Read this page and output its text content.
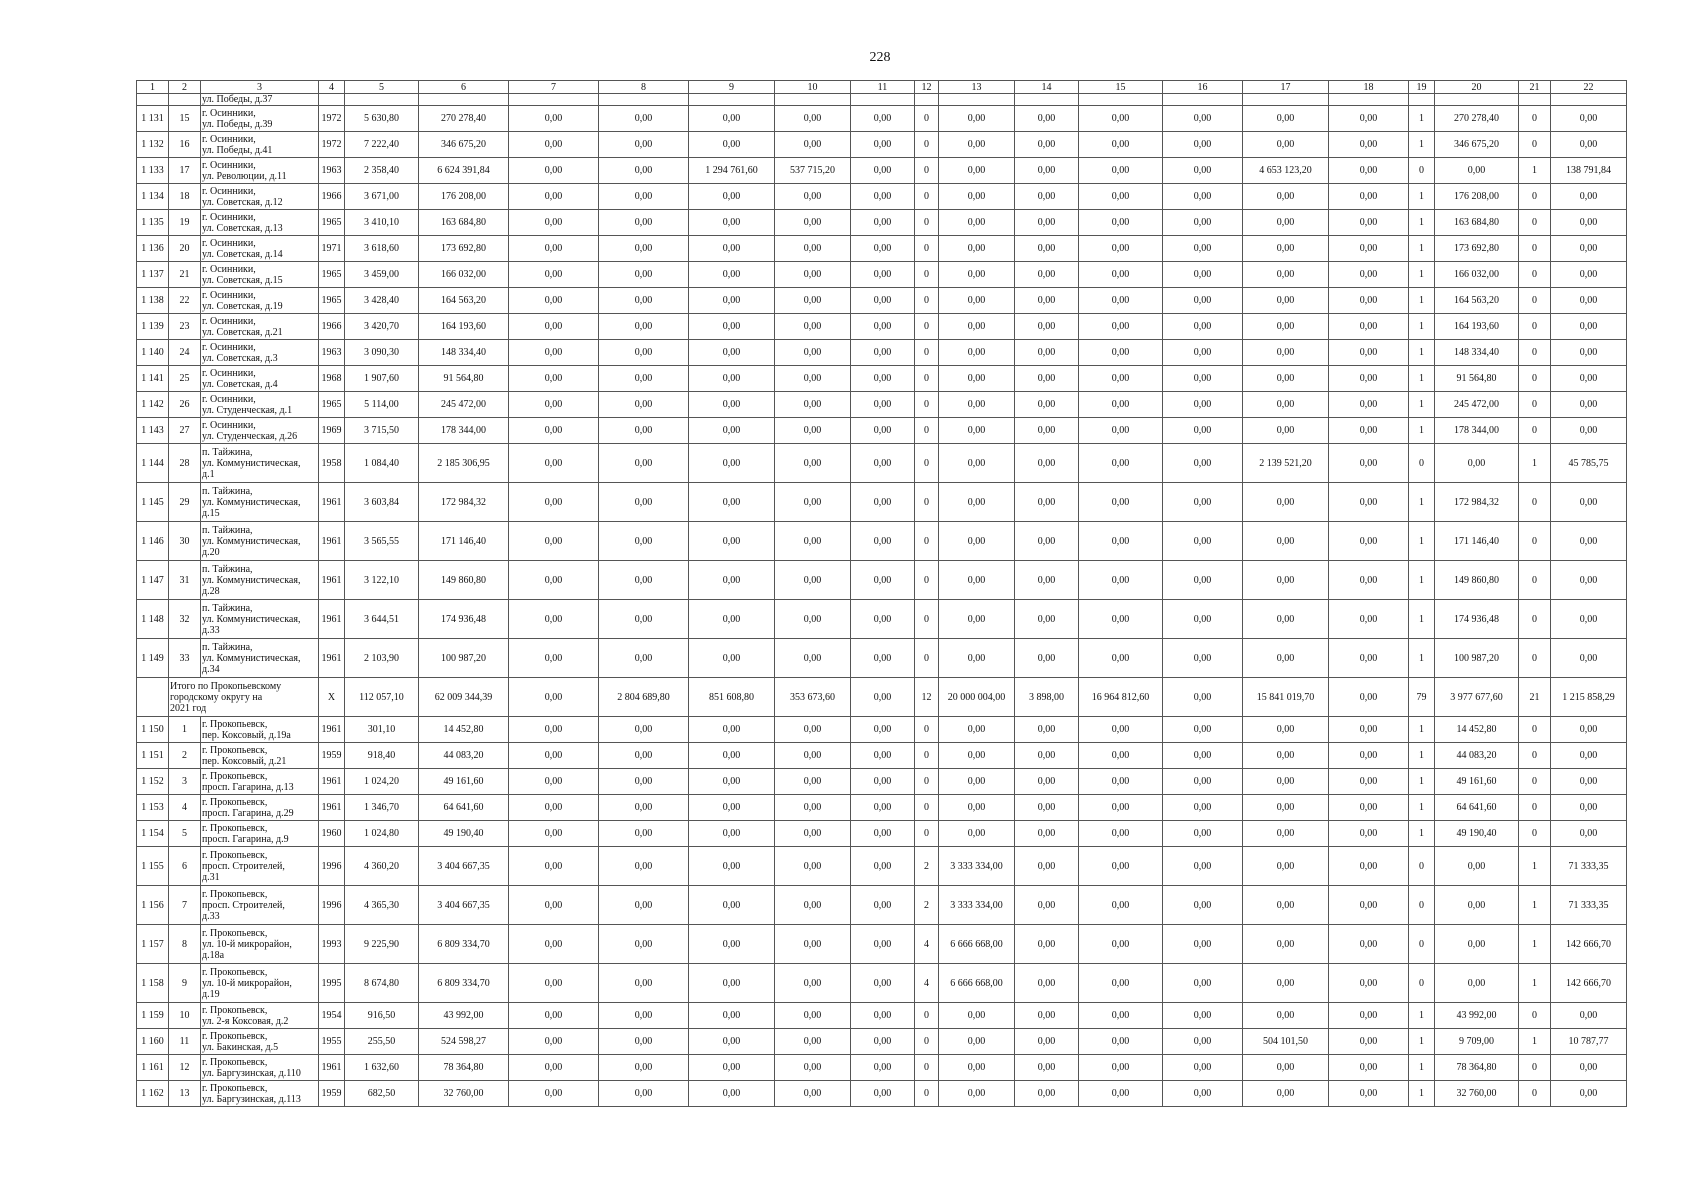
228
1	2	3	4	5	6	7	8	9	10	11	12	13	14	15	16	17	18	19	20	21	22
		ул. Победы, д.37																			
1 131	15	г. Осинники,
ул. Победы, д.39	1972	5 630,80	270 278,40	0,00	0,00	0,00	0,00	0,00	0	0,00	0,00	0,00	0,00	0,00	0,00	1	270 278,40	0	0,00
1 132	16	г. Осинники,
ул. Победы, д.41	1972	7 222,40	346 675,20	0,00	0,00	0,00	0,00	0,00	0	0,00	0,00	0,00	0,00	0,00	0,00	1	346 675,20	0	0,00
1 133	17	г. Осинники,
ул. Революции, д.11	1963	2 358,40	6 624 391,84	0,00	0,00	1 294 761,60	537 715,20	0,00	0	0,00	0,00	0,00	0,00	4 653 123,20	0,00	0	0,00	1	138 791,84
1 134	18	г. Осинники,
ул. Советская, д.12	1966	3 671,00	176 208,00	0,00	0,00	0,00	0,00	0,00	0	0,00	0,00	0,00	0,00	0,00	0,00	1	176 208,00	0	0,00
1 135	19	г. Осинники,
ул. Советская, д.13	1965	3 410,10	163 684,80	0,00	0,00	0,00	0,00	0,00	0	0,00	0,00	0,00	0,00	0,00	0,00	1	163 684,80	0	0,00
1 136	20	г. Осинники,
ул. Советская, д.14	1971	3 618,60	173 692,80	0,00	0,00	0,00	0,00	0,00	0	0,00	0,00	0,00	0,00	0,00	0,00	1	173 692,80	0	0,00
1 137	21	г. Осинники,
ул. Советская, д.15	1965	3 459,00	166 032,00	0,00	0,00	0,00	0,00	0,00	0	0,00	0,00	0,00	0,00	0,00	0,00	1	166 032,00	0	0,00
1 138	22	г. Осинники,
ул. Советская, д.19	1965	3 428,40	164 563,20	0,00	0,00	0,00	0,00	0,00	0	0,00	0,00	0,00	0,00	0,00	0,00	1	164 563,20	0	0,00
1 139	23	г. Осинники,
ул. Советская, д.21	1966	3 420,70	164 193,60	0,00	0,00	0,00	0,00	0,00	0	0,00	0,00	0,00	0,00	0,00	0,00	1	164 193,60	0	0,00
1 140	24	г. Осинники,
ул. Советская, д.3	1963	3 090,30	148 334,40	0,00	0,00	0,00	0,00	0,00	0	0,00	0,00	0,00	0,00	0,00	0,00	1	148 334,40	0	0,00
1 141	25	г. Осинники,
ул. Советская, д.4	1968	1 907,60	91 564,80	0,00	0,00	0,00	0,00	0,00	0	0,00	0,00	0,00	0,00	0,00	0,00	1	91 564,80	0	0,00
1 142	26	г. Осинники,
ул. Студенческая, д.1	1965	5 114,00	245 472,00	0,00	0,00	0,00	0,00	0,00	0	0,00	0,00	0,00	0,00	0,00	0,00	1	245 472,00	0	0,00
1 143	27	г. Осинники,
ул. Студенческая, д.26	1969	3 715,50	178 344,00	0,00	0,00	0,00	0,00	0,00	0	0,00	0,00	0,00	0,00	0,00	0,00	1	178 344,00	0	0,00
1 144	28	п. Тайжина,
ул. Коммунистическая,
д.1	1958	1 084,40	2 185 306,95	0,00	0,00	0,00	0,00	0,00	0	0,00	0,00	0,00	0,00	2 139 521,20	0,00	0	0,00	1	45 785,75
1 145	29	п. Тайжина,
ул. Коммунистическая,
д.15	1961	3 603,84	172 984,32	0,00	0,00	0,00	0,00	0,00	0	0,00	0,00	0,00	0,00	0,00	0,00	1	172 984,32	0	0,00
1 146	30	п. Тайжина,
ул. Коммунистическая,
д.20	1961	3 565,55	171 146,40	0,00	0,00	0,00	0,00	0,00	0	0,00	0,00	0,00	0,00	0,00	0,00	1	171 146,40	0	0,00
1 147	31	п. Тайжина,
ул. Коммунистическая,
д.28	1961	3 122,10	149 860,80	0,00	0,00	0,00	0,00	0,00	0	0,00	0,00	0,00	0,00	0,00	0,00	1	149 860,80	0	0,00
1 148	32	п. Тайжина,
ул. Коммунистическая,
д.33	1961	3 644,51	174 936,48	0,00	0,00	0,00	0,00	0,00	0	0,00	0,00	0,00	0,00	0,00	0,00	1	174 936,48	0	0,00
1 149	33	п. Тайжина,
ул. Коммунистическая,
д.34	1961	2 103,90	100 987,20	0,00	0,00	0,00	0,00	0,00	0	0,00	0,00	0,00	0,00	0,00	0,00	1	100 987,20	0	0,00
	Итого по Прокопьевскому
городскому округу на
2021 год		X	112 057,10	62 009 344,39	0,00	2 804 689,80	851 608,80	353 673,60	0,00	12	20 000 004,00	3 898,00	16 964 812,60	0,00	15 841 019,70	0,00	79	3 977 677,60	21	1 215 858,29
1 150	1	г. Прокопьевск,
пер. Коксовый, д.19а	1961	301,10	14 452,80	0,00	0,00	0,00	0,00	0,00	0	0,00	0,00	0,00	0,00	0,00	0,00	1	14 452,80	0	0,00
1 151	2	г. Прокопьевск,
пер. Коксовый, д.21	1959	918,40	44 083,20	0,00	0,00	0,00	0,00	0,00	0	0,00	0,00	0,00	0,00	0,00	0,00	1	44 083,20	0	0,00
1 152	3	г. Прокопьевск,
просп. Гагарина, д.13	1961	1 024,20	49 161,60	0,00	0,00	0,00	0,00	0,00	0	0,00	0,00	0,00	0,00	0,00	0,00	1	49 161,60	0	0,00
1 153	4	г. Прокопьевск,
просп. Гагарина, д.29	1961	1 346,70	64 641,60	0,00	0,00	0,00	0,00	0,00	0	0,00	0,00	0,00	0,00	0,00	0,00	1	64 641,60	0	0,00
1 154	5	г. Прокопьевск,
просп. Гагарина, д.9	1960	1 024,80	49 190,40	0,00	0,00	0,00	0,00	0,00	0	0,00	0,00	0,00	0,00	0,00	0,00	1	49 190,40	0	0,00
1 155	6	г. Прокопьевск,
просп. Строителей,
д.31	1996	4 360,20	3 404 667,35	0,00	0,00	0,00	0,00	0,00	2	3 333 334,00	0,00	0,00	0,00	0,00	0,00	0	0,00	1	71 333,35
1 156	7	г. Прокопьевск,
просп. Строителей,
д.33	1996	4 365,30	3 404 667,35	0,00	0,00	0,00	0,00	0,00	2	3 333 334,00	0,00	0,00	0,00	0,00	0,00	0	0,00	1	71 333,35
1 157	8	г. Прокопьевск,
ул. 10-й микрорайон,
д.18а	1993	9 225,90	6 809 334,70	0,00	0,00	0,00	0,00	0,00	4	6 666 668,00	0,00	0,00	0,00	0,00	0,00	0	0,00	1	142 666,70
1 158	9	г. Прокопьевск,
ул. 10-й микрорайон,
д.19	1995	8 674,80	6 809 334,70	0,00	0,00	0,00	0,00	0,00	4	6 666 668,00	0,00	0,00	0,00	0,00	0,00	0	0,00	1	142 666,70
1 159	10	г. Прокопьевск,
ул. 2-я Коксовая, д.2	1954	916,50	43 992,00	0,00	0,00	0,00	0,00	0,00	0	0,00	0,00	0,00	0,00	0,00	0,00	1	43 992,00	0	0,00
1 160	11	г. Прокопьевск,
ул. Бакинская, д.5	1955	255,50	524 598,27	0,00	0,00	0,00	0,00	0,00	0	0,00	0,00	0,00	0,00	504 101,50	0,00	1	9 709,00	1	10 787,77
1 161	12	г. Прокопьевск,
ул. Баргузинская, д.110	1961	1 632,60	78 364,80	0,00	0,00	0,00	0,00	0,00	0	0,00	0,00	0,00	0,00	0,00	0,00	1	78 364,80	0	0,00
1 162	13	г. Прокопьевск,
ул. Баргузинская, д.113	1959	682,50	32 760,00	0,00	0,00	0,00	0,00	0,00	0	0,00	0,00	0,00	0,00	0,00	0,00	1	32 760,00	0	0,00
